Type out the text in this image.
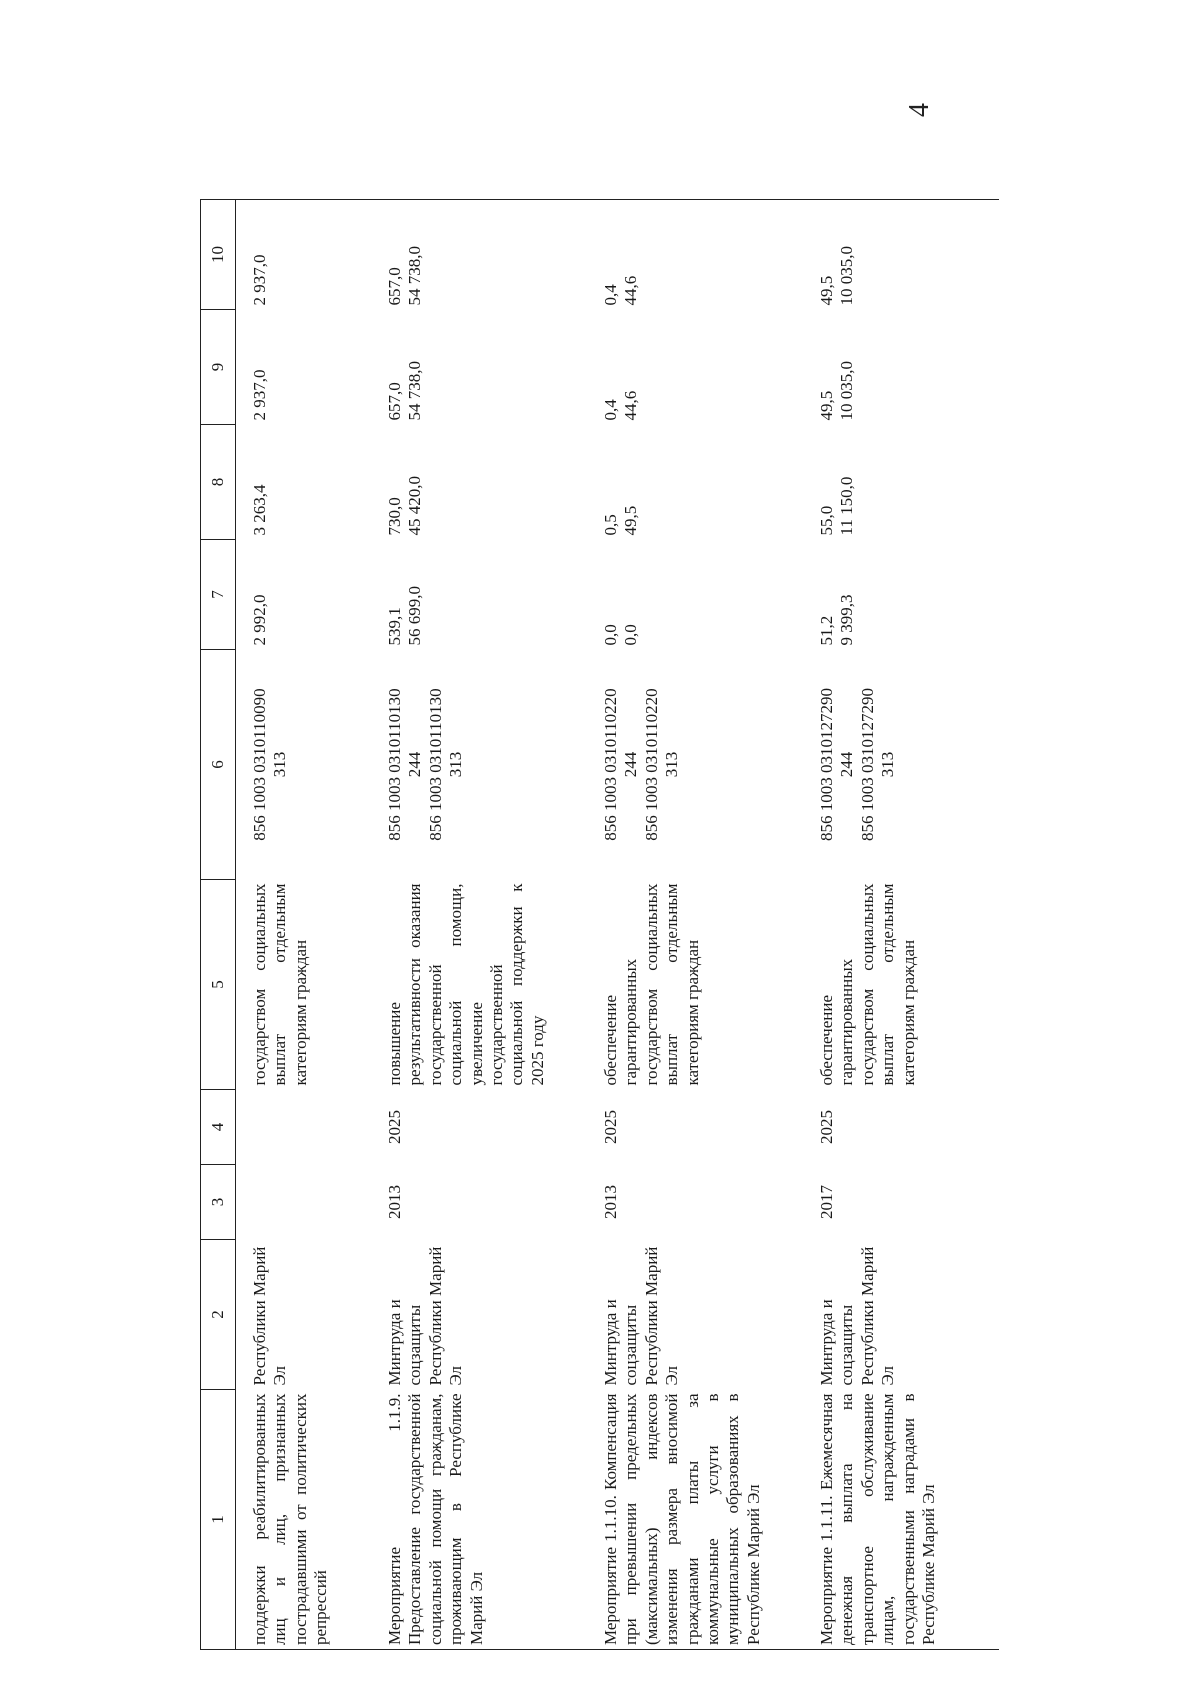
4
1	2	3	4	5	6	7	8	9	10
поддержки реабилитированных лиц и лиц, признанных пострадавшими от политических репрессий	Республики Марий Эл			государством социальных выплат отдельным категориям граждан	856 1003 0310110090 313	2 992,0	3 263,4	2 937,0	2 937,0

Мероприятие 1.1.9. Предоставление государственной социальной помощи гражданам, проживающим в Республике Марий Эл	Минтруда и соцзащиты Республики Марий Эл	2013	2025	повышение результативности оказания государственной социальной помощи, увеличение государственной социальной поддержки к 2025 году	856 1003 0310110130 244 856 1003 0310110130 313	539,1 56 699,0	730,0 45 420,0	657,0 54 738,0	657,0 54 738,0

Мероприятие 1.1.10. Компенсация при превышении предельных (максимальных) индексов изменения размера вносимой гражданами платы за коммунальные услуги в муниципальных образованиях в Республике Марий Эл	Минтруда и соцзащиты Республики Марий Эл	2013	2025	обеспечение гарантированных государством социальных выплат отдельным категориям граждан	856 1003 0310110220 244 856 1003 0310110220 313	0,0 0,0	0,5 49,5	0,4 44,6	0,4 44,6

Мероприятие 1.1.11. Ежемесячная денежная выплата на транспортное обслуживание лицам, награжденным государственными наградами в Республике Марий Эл	Минтруда и соцзащиты Республики Марий Эл	2017	2025	обеспечение гарантированных государством социальных выплат отдельным категориям граждан	856 1003 0310127290 244 856 1003 0310127290 313	51,2 9 399,3	55,0 11 150,0	49,5 10 035,0	49,5 10 035,0
